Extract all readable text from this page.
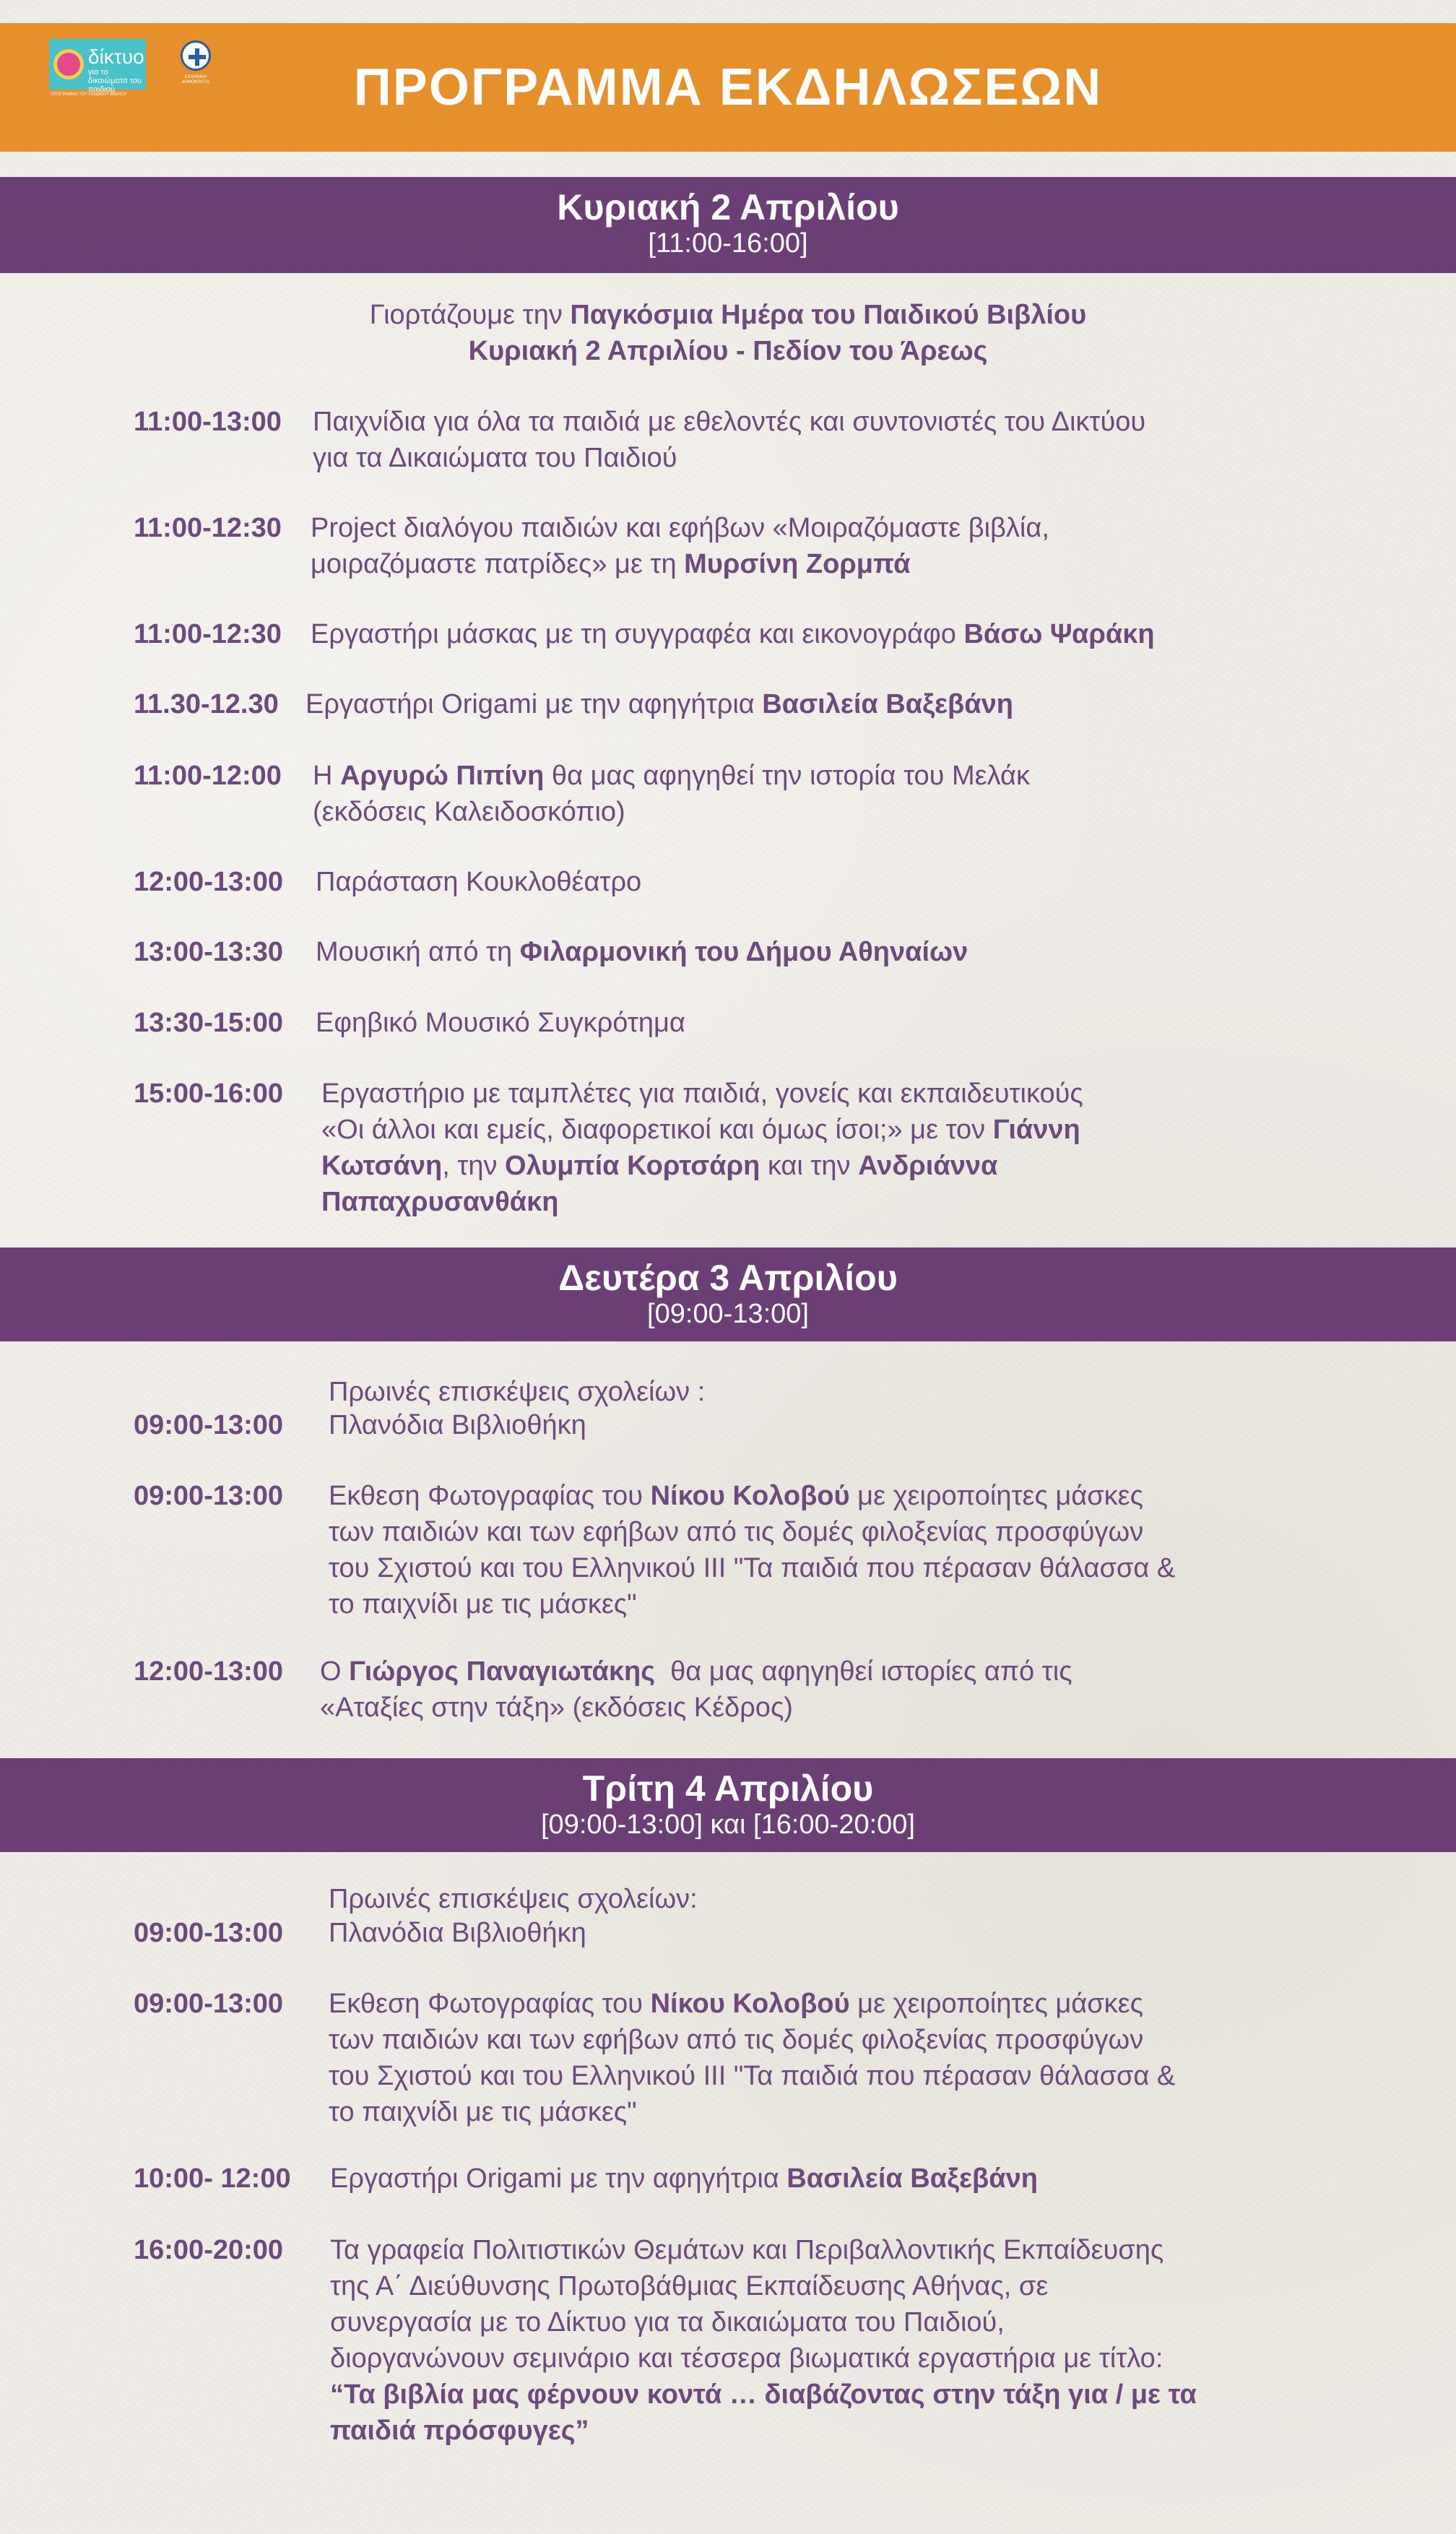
δίκτυο
για τα δικαιώματα του παιδιού
ΠΡΟΓΡΑΜΜΑ ΤΟΥ ΠΑΙΔΙΚΟΥ ΒΙΒΛΙΟΥ
ΕΛΛΗΝΙΚΗ ΔΗΜΟΚΡΑΤΙΑ	ΠΡΟΓΡΑΜΜΑ ΕΚΔΗΛΩΣΕΩΝ
Κυριακή 2 Απριλίου
[11:00-16:00]
Γιορτάζουμε την Παγκόσμια Ημέρα του Παιδικού Βιβλίου
Κυριακή 2 Απριλίου - Πεδίον του Άρεως
11:00-13:00 Παιχνίδια για όλα τα παιδιά με εθελοντές και συντονιστές του Δικτύου
για τα Δικαιώματα του Παιδιού
11:00-12:30 Project διαλόγου παιδιών και εφήβων «Μοιραζόμαστε βιβλία,
μοιραζόμαστε πατρίδες» με τη Μυρσίνη Ζορμπά
11:00-12:30 Εργαστήρι μάσκας με τη συγγραφέα και εικονογράφο Βάσω Ψαράκη
11.30-12.30 Εργαστήρι Origami με την αφηγήτρια Βασιλεία Βαξεβάνη
11:00-12:00 Η Αργυρώ Πιπίνη θα μας αφηγηθεί την ιστορία του Μελάκ
(εκδόσεις Καλειδοσκόπιο)
12:00-13:00 Παράσταση Κουκλοθέατρο
13:00-13:30 Μουσική από τη Φιλαρμονική του Δήμου Αθηναίων
13:30-15:00 Εφηβικό Μουσικό Συγκρότημα
15:00-16:00 Εργαστήριο με ταμπλέτες για παιδιά, γονείς και εκπαιδευτικούς
«Οι άλλοι και εμείς, διαφορετικοί και όμως ίσοι;» με τον Γιάννη
Κωτσάνη, την Ολυμπία Κορτσάρη και την Ανδριάννα
Παπαχρυσανθάκη
Δευτέρα 3 Απριλίου
[09:00-13:00]
Πρωινές επισκέψεις σχολείων :
09:00-13:00 Πλανόδια Βιβλιοθήκη
09:00-13:00 Εκθεση Φωτογραφίας του Νίκου Κολοβού με χειροποίητες μάσκες
των παιδιών και των εφήβων από τις δομές φιλοξενίας προσφύγων
του Σχιστού και του Ελληνικού ΙΙΙ "Τα παιδιά που πέρασαν θάλασσα &
το παιχνίδι με τις μάσκες"
12:00-13:00 Ο Γιώργος Παναγιωτάκης  θα μας αφηγηθεί ιστορίες από τις
«Αταξίες στην τάξη» (εκδόσεις Κέδρος)
Τρίτη 4 Απριλίου
[09:00-13:00] και [16:00-20:00]
Πρωινές επισκέψεις σχολείων:
09:00-13:00 Πλανόδια Βιβλιοθήκη
09:00-13:00 Εκθεση Φωτογραφίας του Νίκου Κολοβού με χειροποίητες μάσκες
των παιδιών και των εφήβων από τις δομές φιλοξενίας προσφύγων
του Σχιστού και του Ελληνικού ΙΙΙ "Τα παιδιά που πέρασαν θάλασσα &
το παιχνίδι με τις μάσκες"
10:00- 12:00 Εργαστήρι Origami με την αφηγήτρια Βασιλεία Βαξεβάνη
16:00-20:00 Τα γραφεία Πολιτιστικών Θεμάτων και Περιβαλλοντικής Εκπαίδευσης
της Α΄ Διεύθυνσης Πρωτοβάθμιας Εκπαίδευσης Αθήνας, σε
συνεργασία με το Δίκτυο για τα δικαιώματα του Παιδιού,
διοργανώνουν σεμινάριο και τέσσερα βιωματικά εργαστήρια με τίτλο:
“Τα βιβλία μας φέρνουν κοντά … διαβάζοντας στην τάξη για / με τα
παιδιά πρόσφυγες”
